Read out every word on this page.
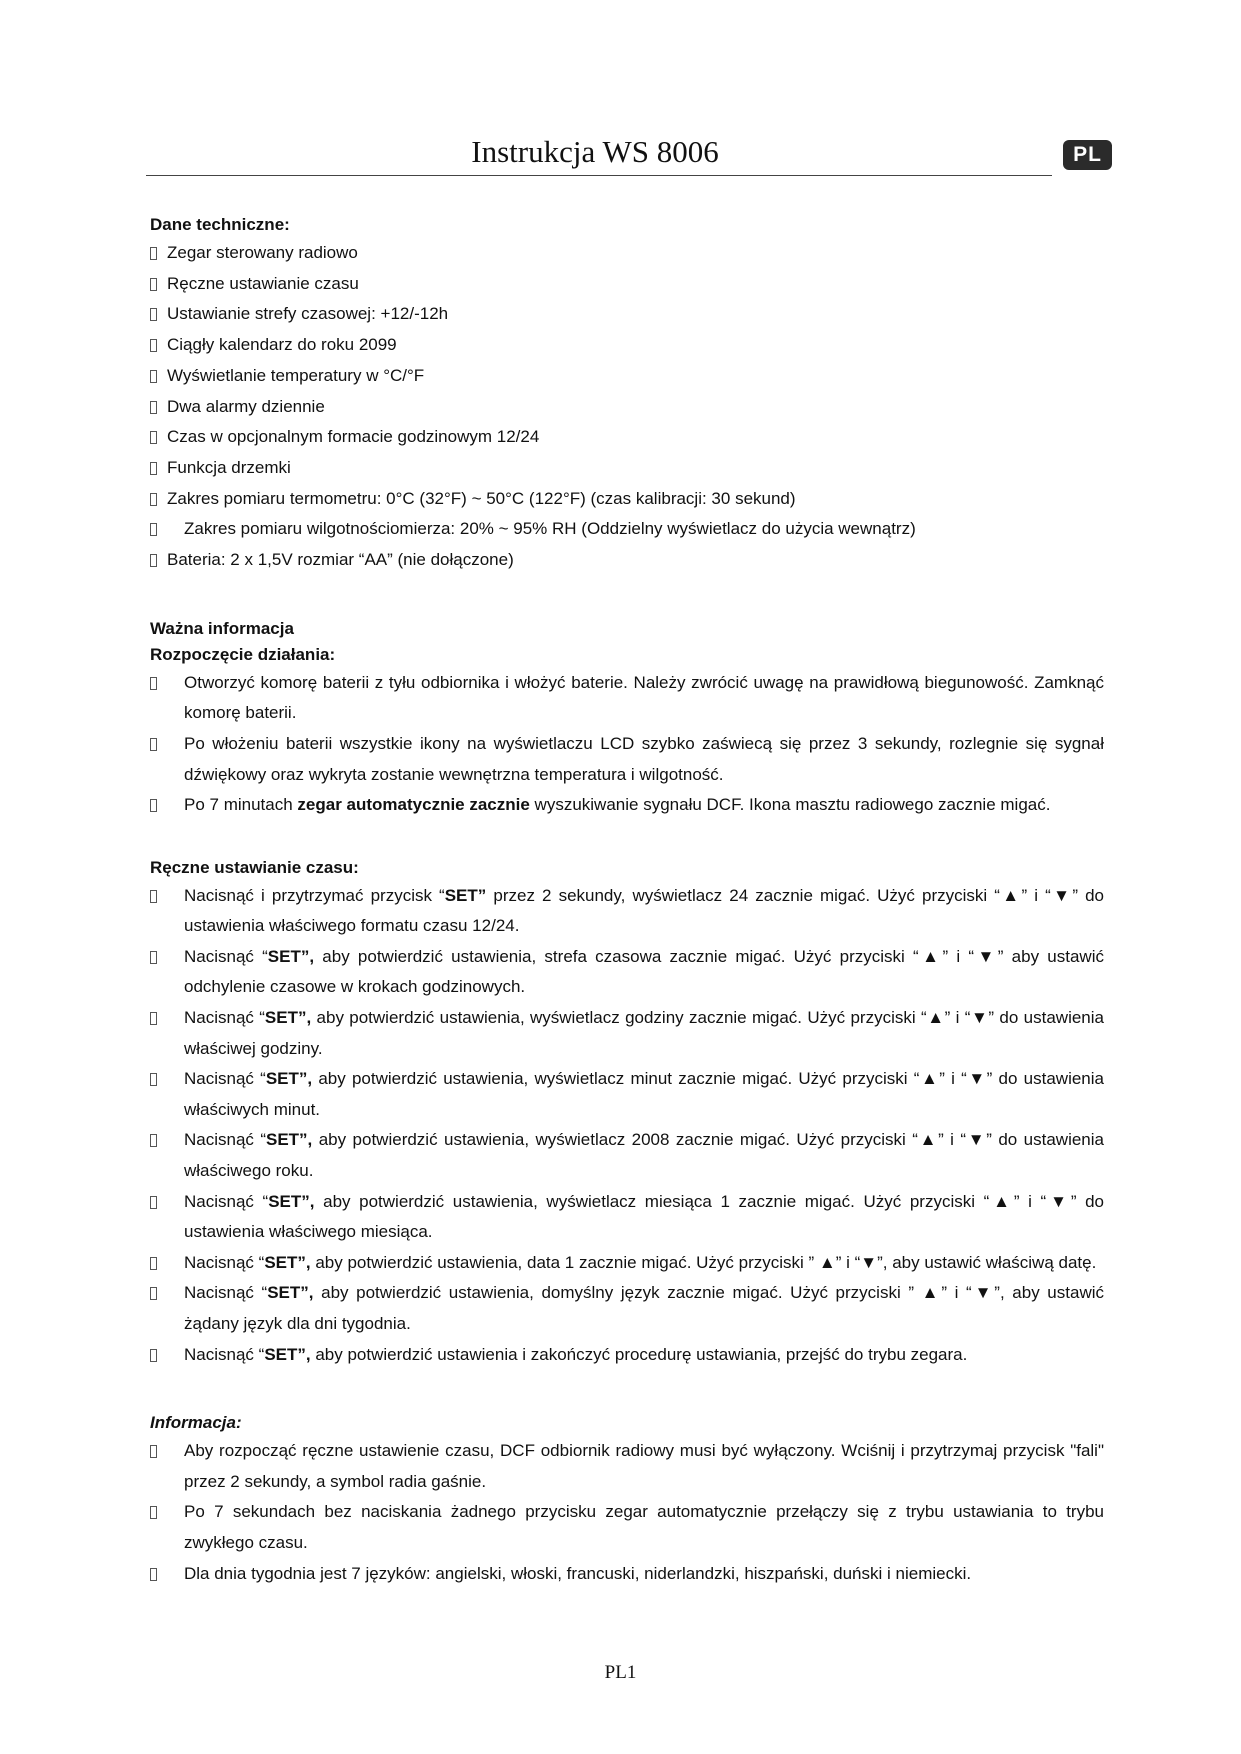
Instrukcja WS 8006	PL

Dane techniczne:

Zegar sterowany radiowo
Ręczne ustawianie czasu
Ustawianie strefy czasowej: +12/-12h
Ciągły kalendarz do roku 2099
Wyświetlanie temperatury w °C/°F
Dwa alarmy dziennie
Czas w opcjonalnym formacie godzinowym 12/24
Funkcja drzemki
Zakres pomiaru termometru: 0°C (32°F) ~ 50°C (122°F) (czas kalibracji: 30 sekund)
Zakres pomiaru wilgotnościomierza: 20% ~ 95% RH (Oddzielny wyświetlacz do użycia wewnątrz)
Bateria: 2 x 1,5V rozmiar “AA” (nie dołączone)

Ważna informacja

Rozpoczęcie działania:

Otworzyć komorę baterii z tyłu odbiornika i włożyć baterie. Należy zwrócić uwagę na prawidłową biegunowość. Zamknąć komorę baterii.
Po włożeniu baterii wszystkie ikony na wyświetlaczu LCD szybko zaświecą się przez 3 sekundy, rozlegnie się sygnał dźwiękowy oraz wykryta zostanie wewnętrzna temperatura i wilgotność.
Po 7 minutach zegar automatycznie zacznie wyszukiwanie sygnału DCF. Ikona masztu radiowego zacznie migać.

Ręczne ustawianie czasu:

Nacisnąć i przytrzymać przycisk “SET” przez 2 sekundy, wyświetlacz 24 zacznie migać. Użyć przyciski “▲” i “▼” do ustawienia właściwego formatu czasu 12/24.
Nacisnąć “SET”, aby potwierdzić ustawienia, strefa czasowa zacznie migać. Użyć przyciski “▲” i “▼” aby ustawić odchylenie czasowe w krokach godzinowych.
Nacisnąć “SET”, aby potwierdzić ustawienia, wyświetlacz godziny zacznie migać. Użyć przyciski “▲” i “▼” do ustawienia właściwej godziny.
Nacisnąć “SET”, aby potwierdzić ustawienia, wyświetlacz minut zacznie migać. Użyć przyciski “▲” i “▼” do ustawienia właściwych minut.
Nacisnąć “SET”, aby potwierdzić ustawienia, wyświetlacz 2008 zacznie migać. Użyć przyciski “▲” i “▼” do ustawienia właściwego roku.
Nacisnąć “SET”, aby potwierdzić ustawienia, wyświetlacz miesiąca 1 zacznie migać. Użyć przyciski “▲” i “▼” do ustawienia właściwego miesiąca.
Nacisnąć “SET”, aby potwierdzić ustawienia, data 1 zacznie migać. Użyć przyciski ” ▲” i “▼”, aby ustawić właściwą datę.
Nacisnąć “SET”, aby potwierdzić ustawienia, domyślny język zacznie migać. Użyć przyciski ” ▲” i “▼”, aby ustawić żądany język dla dni tygodnia.
Nacisnąć “SET”, aby potwierdzić ustawienia i zakończyć procedurę ustawiania, przejść do trybu zegara.

Informacja:

Aby rozpocząć ręczne ustawienie czasu, DCF odbiornik radiowy musi być wyłączony. Wciśnij i przytrzymaj przycisk "fali" przez 2 sekundy, a symbol radia gaśnie.
Po 7 sekundach bez naciskania żadnego przycisku zegar automatycznie przełączy się z trybu ustawiania to trybu zwykłego czasu.
Dla dnia tygodnia jest 7 języków: angielski, włoski, francuski, niderlandzki, hiszpański, duński i niemiecki.
PL1
